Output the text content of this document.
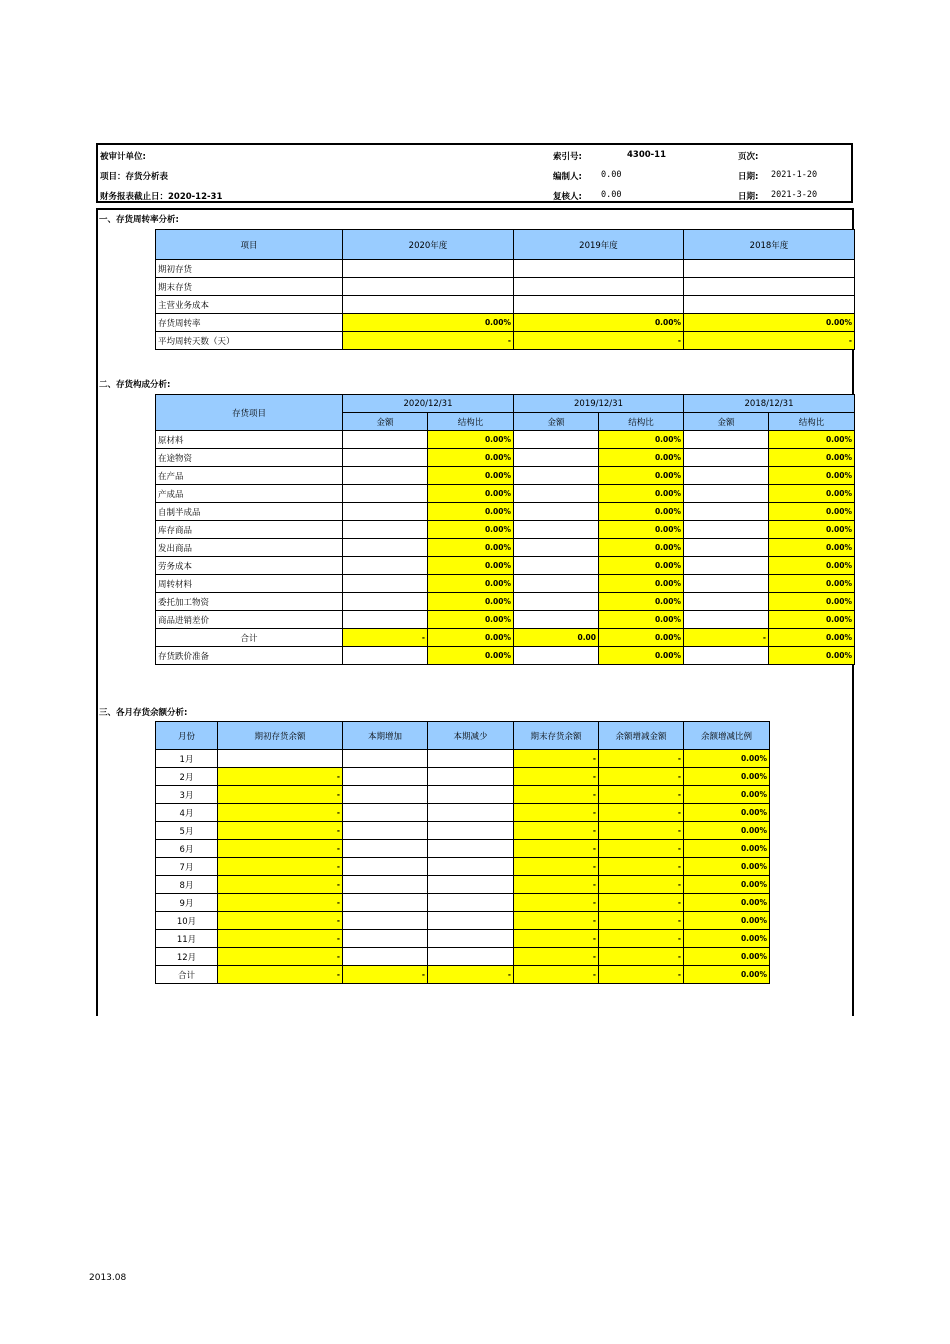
被审计单位:	索引号:	4300-11	页次:
项目：存货分析表	编制人: 0.00	日期: 2021-1-20
财务报表截止日：2020-12-31	复核人: 0.00	日期: 2021-3-20
一、存货周转率分析:
项目	2020年度	2019年度	2018年度
期初存货			
期末存货			
主营业务成本			
存货周转率	0.00%	0.00%	0.00%
平均周转天数（天）	-	-	-
二、存货构成分析:
存货项目	2020/12/31		2019/12/31		2018/12/31	
	金额	结构比	金额	结构比	金额	结构比
原材料		0.00%		0.00%		0.00%
在途物资		0.00%		0.00%		0.00%
在产品		0.00%		0.00%		0.00%
产成品		0.00%		0.00%		0.00%
自制半成品		0.00%		0.00%		0.00%
库存商品		0.00%		0.00%		0.00%
发出商品		0.00%		0.00%		0.00%
劳务成本		0.00%		0.00%		0.00%
周转材料		0.00%		0.00%		0.00%
委托加工物资		0.00%		0.00%		0.00%
商品进销差价		0.00%		0.00%		0.00%
合计	-	0.00%	0.00	0.00%	-	0.00%
存货跌价准备		0.00%		0.00%		0.00%
三、各月存货余额分析:
月份	期初存货余额	本期增加	本期减少	期末存货余额	余额增减金额	余额增减比例
1月				-	-	0.00%
2月	-			-	-	0.00%
3月	-			-	-	0.00%
4月	-			-	-	0.00%
5月	-			-	-	0.00%
6月	-			-	-	0.00%
7月	-			-	-	0.00%
8月	-			-	-	0.00%
9月	-			-	-	0.00%
10月	-			-	-	0.00%
11月	-			-	-	0.00%
12月	-			-	-	0.00%
合计	-	-	-	-	-	0.00%
2013.08
